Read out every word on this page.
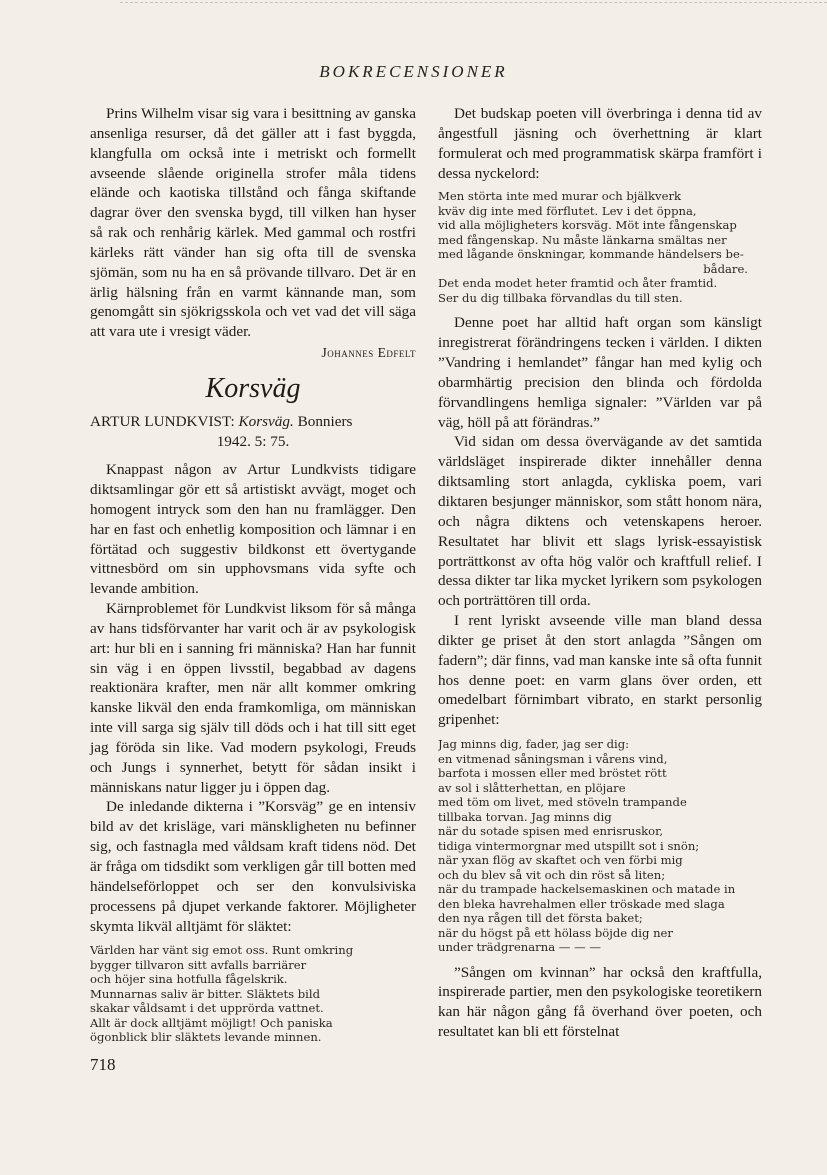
BOKRECENSIONER

Prins Wilhelm visar sig vara i besittning av ganska ansenliga resurser, då det gäller att i fast byggda, klangfulla om också inte i metriskt och formellt avseende slående originella strofer måla tidens elände och kaotiska tillstånd och fånga skiftande dagrar över den svenska bygd, till vilken han hyser så rak och renhårig kärlek. Med gammal och rostfri kärleks rätt vänder han sig ofta till de svenska sjömän, som nu ha en så prövande tillvaro. Det är en ärlig hälsning från en varmt kännande man, som genomgått sin sjökrigsskola och vet vad det vill säga att vara ute i vresigt väder.

Johannes Edfelt
Korsväg
ARTUR LUNDKVIST: Korsväg. Bonniers
1942. 5: 75.

Knappast någon av Artur Lundkvists tidigare diktsamlingar gör ett så artistiskt avvägt, moget och homogent intryck som den han nu framlägger. Den har en fast och enhetlig komposition och lämnar i en förtätad och suggestiv bildkonst ett övertygande vittnesbörd om sin upphovsmans vida syfte och levande ambition.

Kärnproblemet för Lundkvist liksom för så många av hans tidsförvanter har varit och är av psykologisk art: hur bli en i sanning fri människa? Han har funnit sin väg i en öppen livsstil, begabbad av dagens reaktionära krafter, men när allt kommer omkring kanske likväl den enda framkomliga, om människan inte vill sarga sig själv till döds och i hat till sitt eget jag föröda sin like. Vad modern psykologi, Freuds och Jungs i synnerhet, betytt för sådan insikt i människans natur ligger ju i öppen dag.

De inledande dikterna i ”Korsväg” ge en intensiv bild av det krisläge, vari mänskligheten nu befinner sig, och fastnagla med våldsam kraft tidens nöd. Det är fråga om tidsdikt som verkligen går till botten med händelseförloppet och ser den konvulsiviska processens på djupet verkande faktorer. Möjligheter skymta likväl alltjämt för släktet:

Världen har vänt sig emot oss. Runt omkring
bygger tillvaron sitt avfalls barriärer
och höjer sina hotfulla fågelskrik.
Munnarnas saliv är bitter. Släktets bild
skakar våldsamt i det upprörda vattnet.
Allt är dock alltjämt möjligt! Och paniska
ögonblick blir släktets levande minnen.

Det budskap poeten vill överbringa i denna tid av ångestfull jäsning och överhettning är klart formulerat och med programmatisk skärpa framfört i dessa nyckelord:

Men störta inte med murar och bjälkverk
kväv dig inte med förflutet. Lev i det öppna,
vid alla möjligheters korsväg. Möt inte fångenskap
med fångenskap. Nu måste länkarna smältas ner
med lågande önskningar, kommande händelsers be-
bådare.
Det enda modet heter framtid och åter framtid.
Ser du dig tillbaka förvandlas du till sten.

Denne poet har alltid haft organ som känsligt inregistrerat förändringens tecken i världen. I dikten ”Vandring i hemlandet” fångar han med kylig och obarmhärtig precision den blinda och fördolda förvandlingens hemliga signaler: ”Världen var på väg, höll på att förändras.”

Vid sidan om dessa övervägande av det samtida världsläget inspirerade dikter innehåller denna diktsamling stort anlagda, cykliska poem, vari diktaren besjunger människor, som stått honom nära, och några diktens och vetenskapens heroer. Resultatet har blivit ett slags lyrisk-essayistisk porträttkonst av ofta hög valör och kraftfull relief. I dessa dikter tar lika mycket lyrikern som psykologen och porträttören till orda.

I rent lyriskt avseende ville man bland dessa dikter ge priset åt den stort anlagda ”Sången om fadern”; där finns, vad man kanske inte så ofta funnit hos denne poet: en varm glans över orden, ett omedelbart förnimbart vibrato, en starkt personlig gripenhet:

Jag minns dig, fader, jag ser dig:
en vitmenad såningsman i vårens vind,
barfota i mossen eller med bröstet rött
av sol i slåtterhettan, en plöjare
med töm om livet, med stöveln trampande
tillbaka torvan. Jag minns dig
när du sotade spisen med enrisruskor,
tidiga vintermorgnar med utspillt sot i snön;
när yxan flög av skaftet och ven förbi mig
och du blev så vit och din röst så liten;
när du trampade hackelsemaskinen och matade in
den bleka havrehalmen eller tröskade med slaga
den nya rågen till det första baket;
när du högst på ett hölass böjde dig ner
under trädgrenarna — — —

”Sången om kvinnan” har också den kraftfulla, inspirerade partier, men den psykologiske teoretikern kan här någon gång få överhand över poeten, och resultatet kan bli ett förstelnat

718
